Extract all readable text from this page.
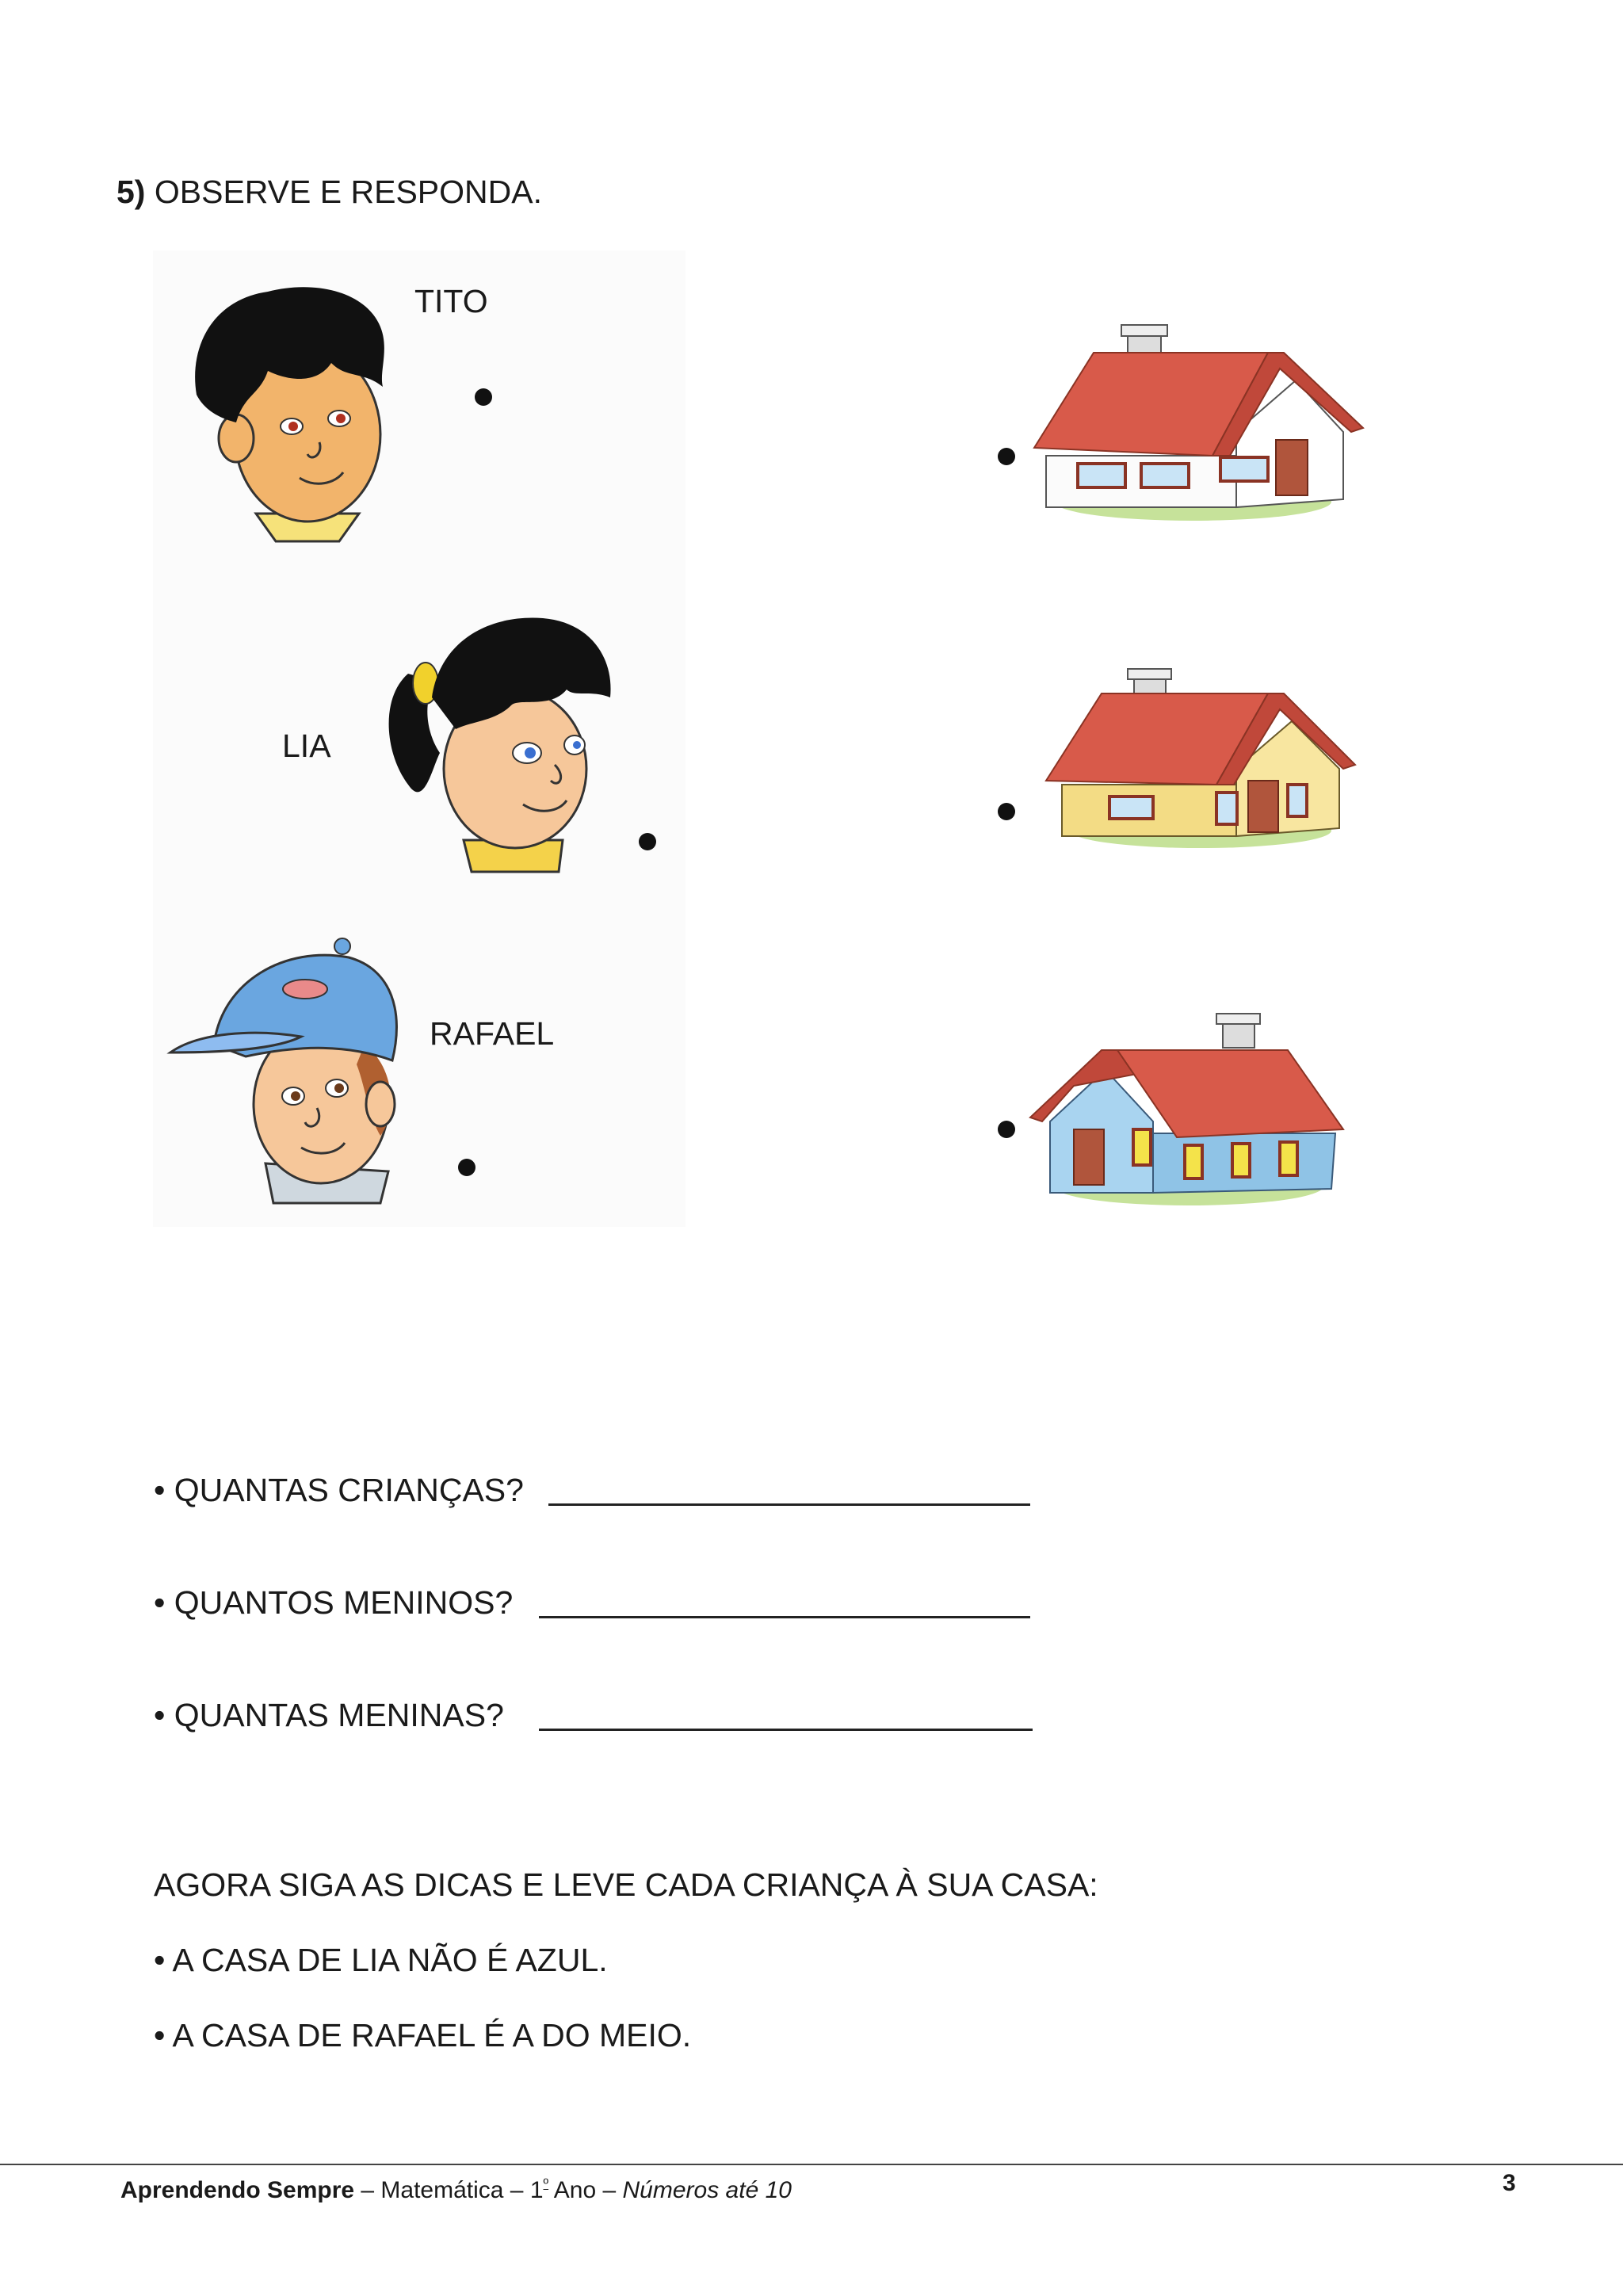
5) OBSERVE E RESPONDA.
TITO
LIA
RAFAEL
• QUANTAS CRIANÇAS?
• QUANTOS MENINOS?
• QUANTAS MENINAS?
AGORA SIGA AS DICAS E LEVE CADA CRIANÇA À SUA CASA:
• A CASA DE LIA NÃO É AZUL.
• A CASA DE RAFAEL É A DO MEIO.
Aprendendo Sempre – Matemática – $1^º$ Ano – Números até 10	3
